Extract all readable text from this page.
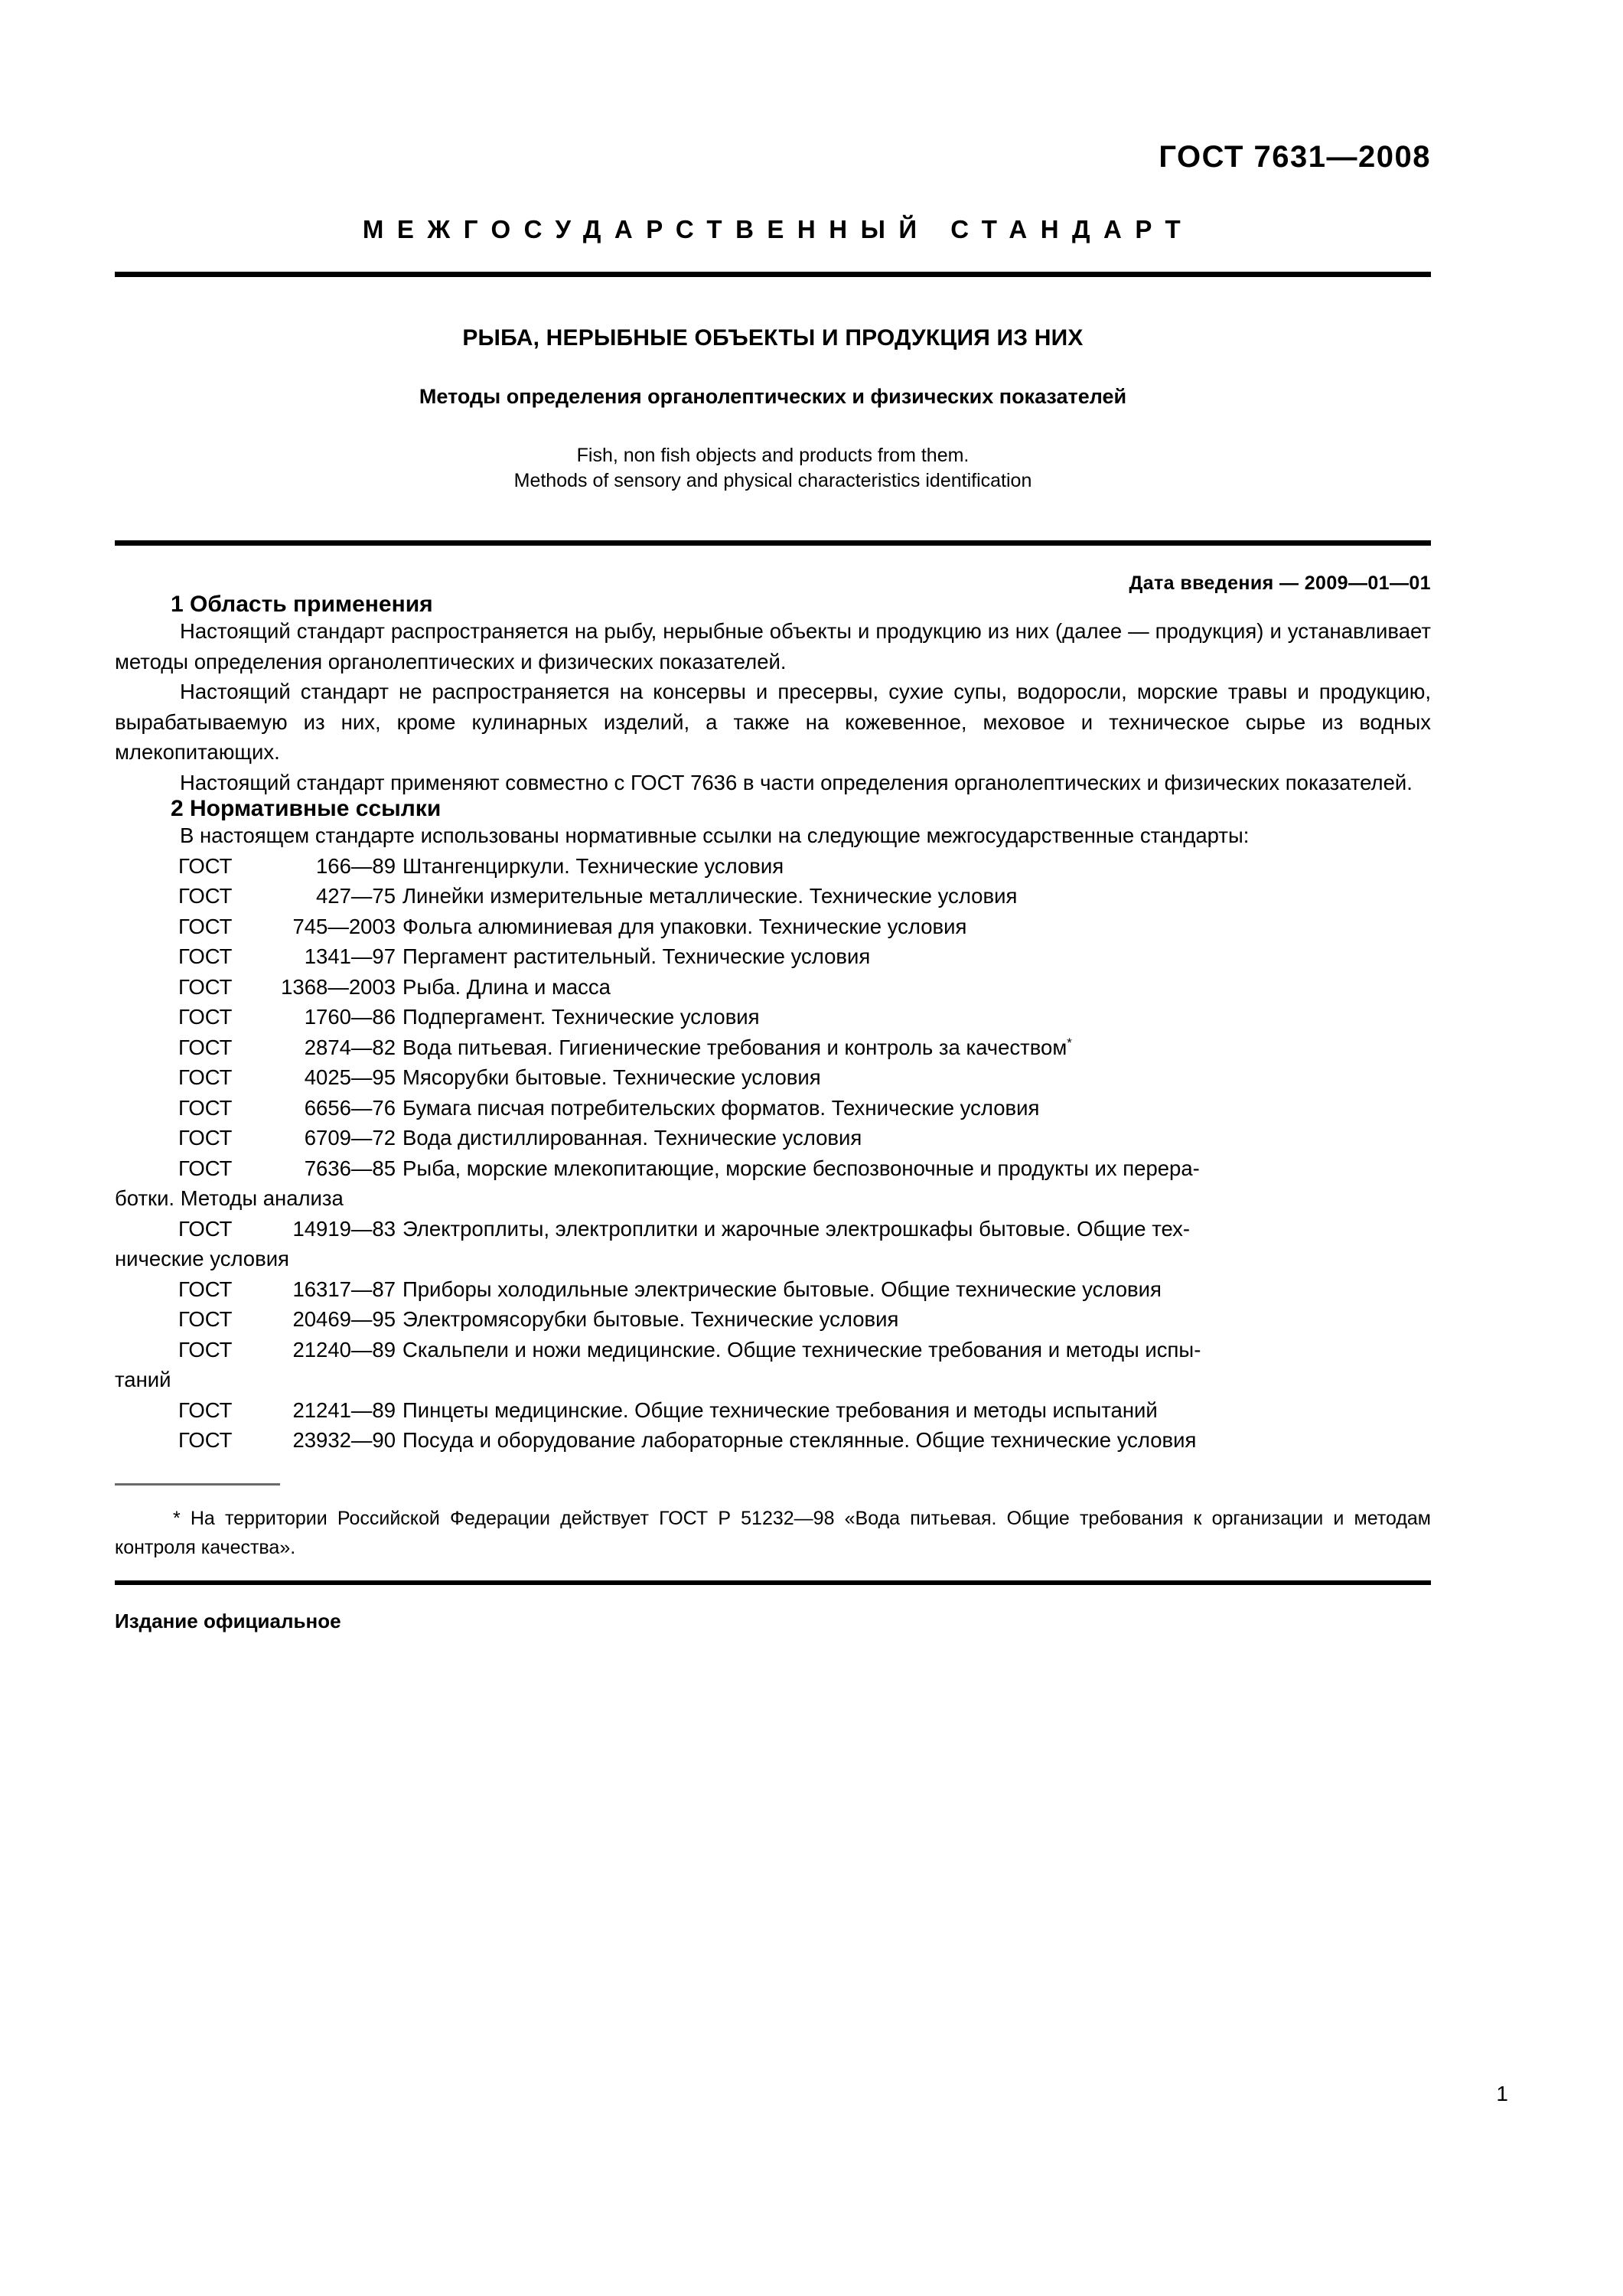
ГОСТ 7631—2008
МЕЖГОСУДАРСТВЕННЫЙ СТАНДАРТ
РЫБА, НЕРЫБНЫЕ ОБЪЕКТЫ И ПРОДУКЦИЯ ИЗ НИХ
Методы определения органолептических и физических показателей
Fish, non fish objects and products from them.
Methods of sensory and physical characteristics identification
Дата введения — 2009—01—01
1 Область применения

Настоящий стандарт распространяется на рыбу, нерыбные объекты и продукцию из них (далее — продукция) и устанавливает методы определения органолептических и физических показателей.

Настоящий стандарт не распространяется на консервы и пресервы, сухие супы, водоросли, морские травы и продукцию, вырабатываемую из них, кроме кулинарных изделий, а также на кожевенное, меховое и техническое сырье из водных млекопитающих.

Настоящий стандарт применяют совместно с ГОСТ 7636 в части определения органолептических и физических показателей.

2 Нормативные ссылки

В настоящем стандарте использованы нормативные ссылки на следующие межгосударственные стандарты:

ГОСТ	166—89 Штангенциркули. Технические условия
ГОСТ	427—75 Линейки измерительные металлические. Технические условия
ГОСТ	745—2003 Фольга алюминиевая для упаковки. Технические условия
ГОСТ	1341—97 Пергамент растительный. Технические условия
ГОСТ	1368—2003 Рыба. Длина и масса
ГОСТ	1760—86 Подпергамент. Технические условия
ГОСТ	2874—82 Вода питьевая. Гигиенические требования и контроль за качеством*
ГОСТ	4025—95 Мясорубки бытовые. Технические условия
ГОСТ	6656—76 Бумага писчая потребительских форматов. Технические условия
ГОСТ	6709—72 Вода дистиллированная. Технические условия
ГОСТ	7636—85 Рыба, морские млекопитающие, морские беспозвоночные и продукты их перера-
ботки. Методы анализа
ГОСТ	14919—83 Электроплиты, электроплитки и жарочные электрошкафы бытовые. Общие тех-
нические условия
ГОСТ	16317—87 Приборы холодильные электрические бытовые. Общие технические условия
ГОСТ	20469—95 Электромясорубки бытовые. Технические условия
ГОСТ	21240—89 Скальпели и ножи медицинские. Общие технические требования и методы испы-
таний
ГОСТ	21241—89 Пинцеты медицинские. Общие технические требования и методы испытаний
ГОСТ	23932—90 Посуда и оборудование лабораторные стеклянные. Общие технические условия
* На территории Российской Федерации действует ГОСТ Р 51232—98 «Вода питьевая. Общие требования к организации и методам контроля качества».
Издание официальное
1
